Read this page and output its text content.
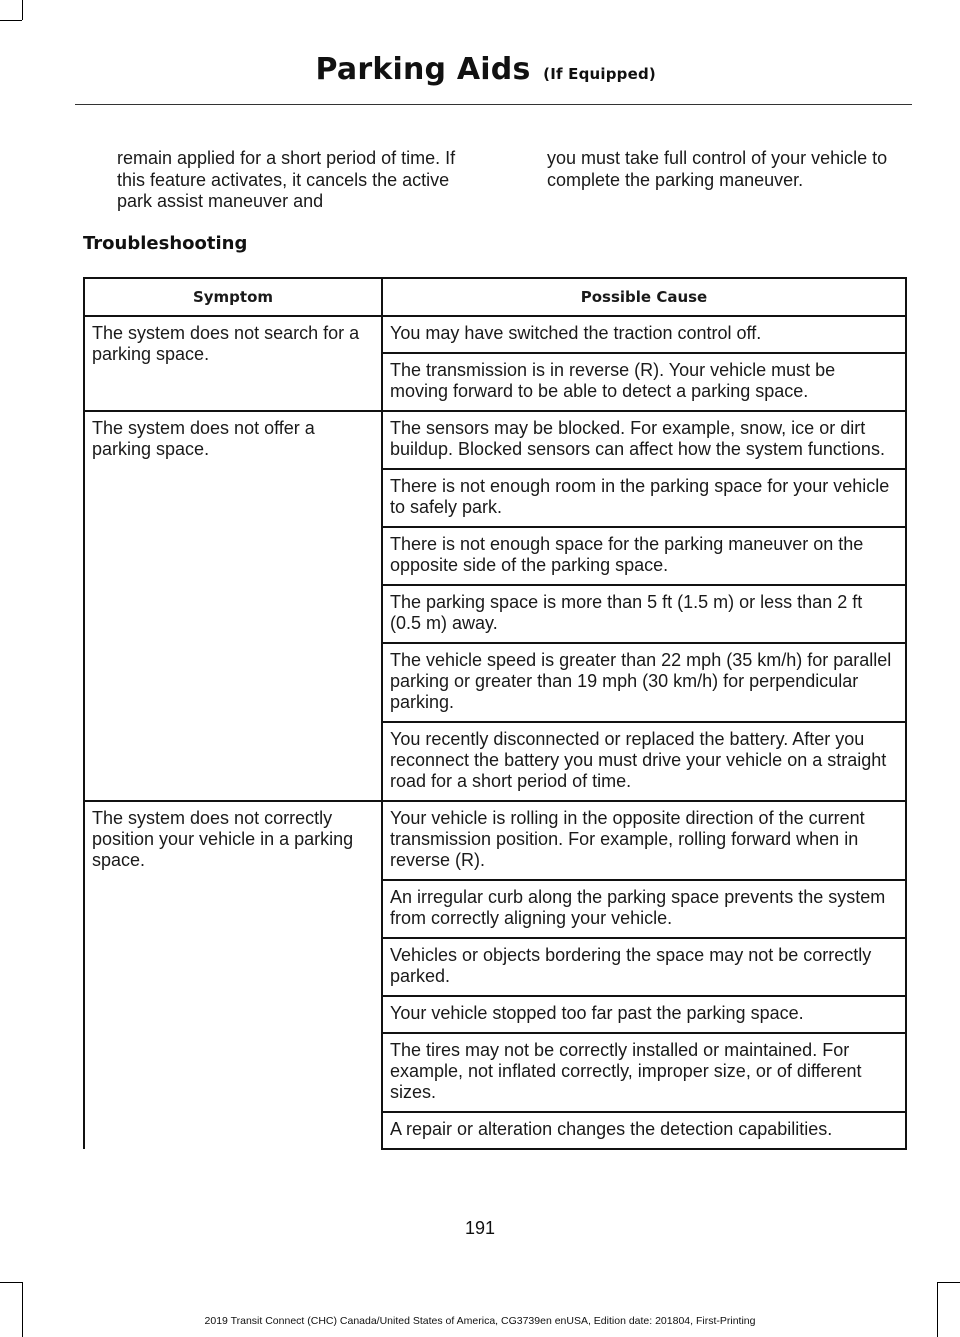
Parking Aids (If Equipped)
remain applied for a short period of time. If this feature activates, it cancels the active park assist maneuver and
you must take full control of your vehicle to complete the parking maneuver.
Troubleshooting
Symptom	Possible Cause
The system does not search for a parking space.	You may have switched the traction control off.
	The transmission is in reverse (R). Your vehicle must be moving forward to be able to detect a parking space.
The system does not offer a parking space.	The sensors may be blocked. For example, snow, ice or dirt buildup. Blocked sensors can affect how the system functions.
	There is not enough room in the parking space for your vehicle to safely park.
	There is not enough space for the parking maneuver on the opposite side of the parking space.
	The parking space is more than 5 ft (1.5 m) or less than 2 ft (0.5 m) away.
	The vehicle speed is greater than 22 mph (35 km/h) for parallel parking or greater than 19 mph (30 km/h) for perpendicular parking.
	You recently disconnected or replaced the battery. After you reconnect the battery you must drive your vehicle on a straight road for a short period of time.
The system does not correctly position your vehicle in a parking space.	Your vehicle is rolling in the opposite direction of the current transmission position. For example, rolling forward when in reverse (R).
	An irregular curb along the parking space prevents the system from correctly aligning your vehicle.
	Vehicles or objects bordering the space may not be correctly parked.
	Your vehicle stopped too far past the parking space.
	The tires may not be correctly installed or maintained. For example, not inflated correctly, improper size, or of different sizes.
	A repair or alteration changes the detection capabilities.
191
2019 Transit Connect (CHC) Canada/United States of America, CG3739en enUSA, Edition date: 201804, First-Printing
